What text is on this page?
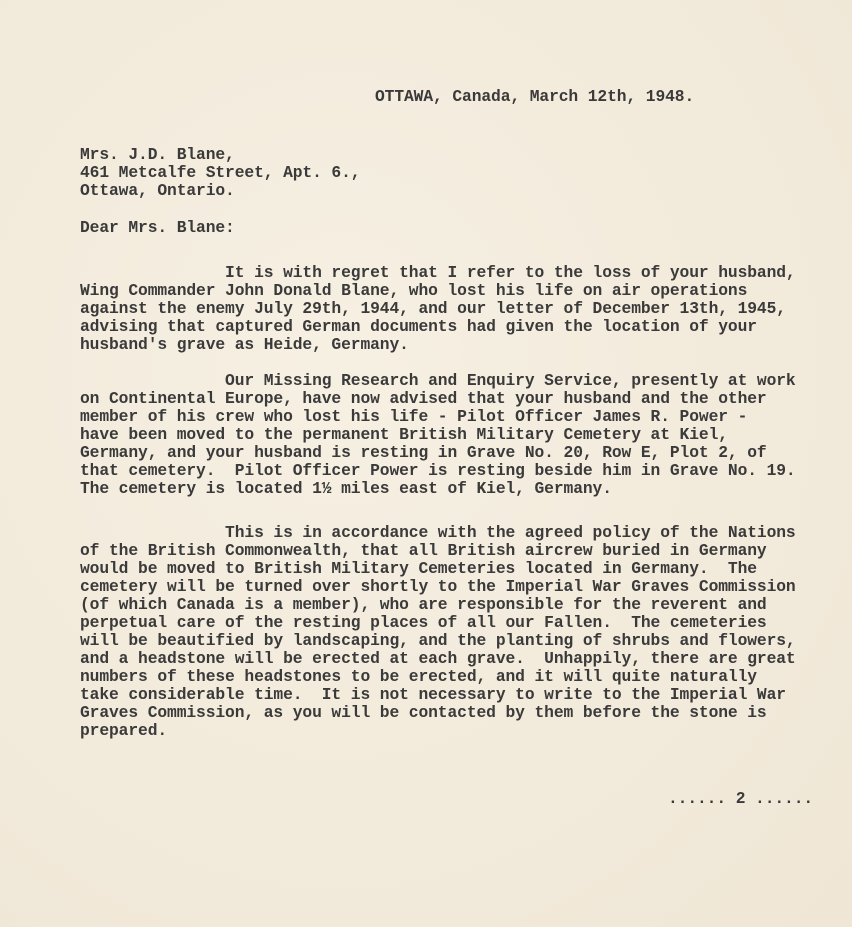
OTTAWA, Canada, March 12th, 1948.
Mrs. J.D. Blane,
461 Metcalfe Street, Apt. 6.,
Ottawa, Ontario.
Dear Mrs. Blane:
It is with regret that I refer to the loss of your husband,
Wing Commander John Donald Blane, who lost his life on air operations
against the enemy July 29th, 1944, and our letter of December 13th, 1945,
advising that captured German documents had given the location of your
husband's grave as Heide, Germany.
Our Missing Research and Enquiry Service, presently at work
on Continental Europe, have now advised that your husband and the other
member of his crew who lost his life - Pilot Officer James R. Power -
have been moved to the permanent British Military Cemetery at Kiel,
Germany, and your husband is resting in Grave No. 20, Row E, Plot 2, of
that cemetery.  Pilot Officer Power is resting beside him in Grave No. 19.
The cemetery is located 1½ miles east of Kiel, Germany.
This is in accordance with the agreed policy of the Nations
of the British Commonwealth, that all British aircrew buried in Germany
would be moved to British Military Cemeteries located in Germany.  The
cemetery will be turned over shortly to the Imperial War Graves Commission
(of which Canada is a member), who are responsible for the reverent and
perpetual care of the resting places of all our Fallen.  The cemeteries
will be beautified by landscaping, and the planting of shrubs and flowers,
and a headstone will be erected at each grave.  Unhappily, there are great
numbers of these headstones to be erected, and it will quite naturally
take considerable time.  It is not necessary to write to the Imperial War
Graves Commission, as you will be contacted by them before the stone is
prepared.
...... 2 ......
